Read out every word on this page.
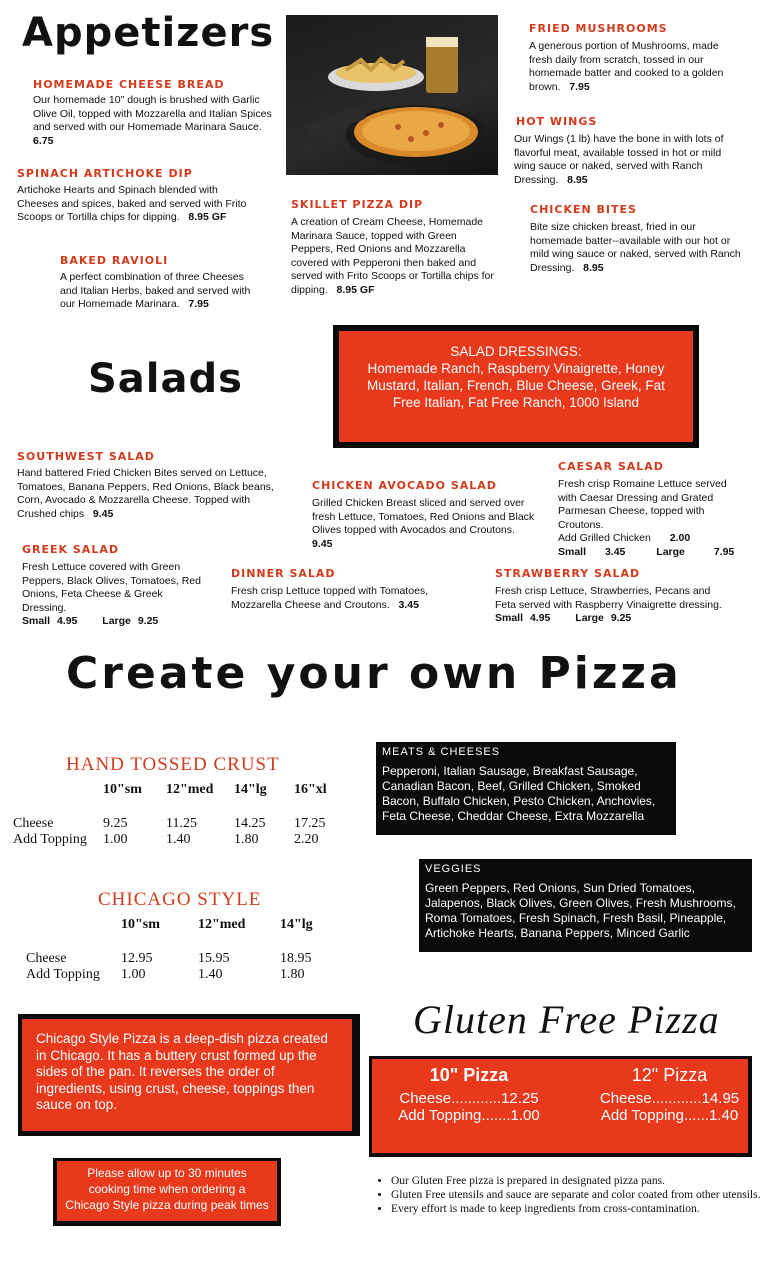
Appetizers
HOMEMADE CHEESE BREAD
Our homemade 10" dough is brushed with Garlic Olive Oil, topped with Mozzarella and Italian Spices and served with our Homemade Marinara Sauce.   6.75
SPINACH ARTICHOKE DIP
Artichoke Hearts and Spinach blended with Cheeses and spices, baked and served with Frito Scoops or Tortilla chips for dipping. 8.95 GF
BAKED RAVIOLI
A perfect combination of three Cheeses and Italian Herbs, baked and served with our Homemade Marinara. 7.95
SKILLET PIZZA DIP
A creation of Cream Cheese, Homemade Marinara Sauce, topped with Green Peppers, Red Onions and Mozzarella covered with Pepperoni then baked and served with Frito Scoops or Tortilla chips for dipping. 8.95 GF
FRIED MUSHROOMS
A generous portion of Mushrooms, made fresh daily from scratch, tossed in our homemade batter and cooked to a golden brown. 7.95
HOT WINGS
Our Wings (1 lb) have the bone in with lots of flavorful meat, available tossed in hot or mild wing sauce or naked, served with Ranch Dressing. 8.95
CHICKEN BITES
Bite size chicken breast, fried in our homemade batter--available with our hot or mild wing sauce or naked, served with Ranch Dressing. 8.95
Salads
SALAD DRESSINGS:
Homemade Ranch, Raspberry Vinaigrette, Honey Mustard, Italian, French, Blue Cheese, Greek, Fat Free Italian, Fat Free Ranch, 1000 Island
SOUTHWEST SALAD
Hand battered Fried Chicken Bites served on Lettuce, Tomatoes, Banana Peppers, Red Onions, Black beans, Corn, Avocado & Mozzarella Cheese. Topped with Crushed chips 9.45
CHICKEN AVOCADO SALAD
Grilled Chicken Breast sliced and served over fresh Lettuce, Tomatoes, Red Onions and Black Olives topped with Avocados and Croutons.   9.45
CAESAR SALAD
Fresh crisp Romaine Lettuce served with Caesar Dressing and Grated Parmesan Cheese, topped with Croutons.
Add Grilled Chicken 2.00
Small 3.45	Large	7.95
GREEK SALAD
Fresh Lettuce covered with Green Peppers, Black Olives, Tomatoes, Red Onions, Feta Cheese & Greek Dressing.
Small 4.95 Large 9.25
DINNER SALAD
Fresh crisp Lettuce topped with Tomatoes, Mozzarella Cheese and Croutons. 3.45
STRAWBERRY SALAD
Fresh crisp Lettuce, Strawberries, Pecans and Feta served with Raspberry Vinaigrette dressing.
Small 4.95 Large 9.25
Create your own Pizza
HAND TOSSED CRUST
	10"sm	12"med	14"lg	16"xl

Cheese	9.25	11.25	14.25	17.25
Add Topping	1.00	1.40	1.80	2.20
CHICAGO STYLE
	10"sm	12"med	14"lg

Cheese	12.95	15.95	18.95
Add Topping	1.00	1.40	1.80
MEATS & CHEESES
Pepperoni, Italian Sausage, Breakfast Sausage, Canadian Bacon, Beef, Grilled Chicken, Smoked Bacon, Buffalo Chicken, Pesto Chicken, Anchovies, Feta Cheese, Cheddar Cheese, Extra Mozzarella
VEGGIES
Green Peppers, Red Onions, Sun Dried Tomatoes, Jalapenos, Black Olives, Green Olives, Fresh Mushrooms, Roma Tomatoes, Fresh Spinach, Fresh Basil, Pineapple, Artichoke Hearts, Banana Peppers, Minced Garlic
Chicago Style Pizza is a deep-dish pizza created in Chicago. It has a buttery crust formed up the sides of the pan. It reverses the order of ingredients, using crust, cheese, toppings then sauce on top.
Please allow up to 30 minutes cooking time when ordering a Chicago Style pizza during peak times
Gluten Free Pizza
10" Pizza
Cheese............12.25
Add Topping.......1.00
12" Pizza
Cheese............14.95
Add Topping......1.40
• Our Gluten Free pizza is prepared in designated pizza pans.
• Gluten Free utensils and sauce are separate and color coated from other utensils.
• Every effort is made to keep ingredients from cross-contamination.
